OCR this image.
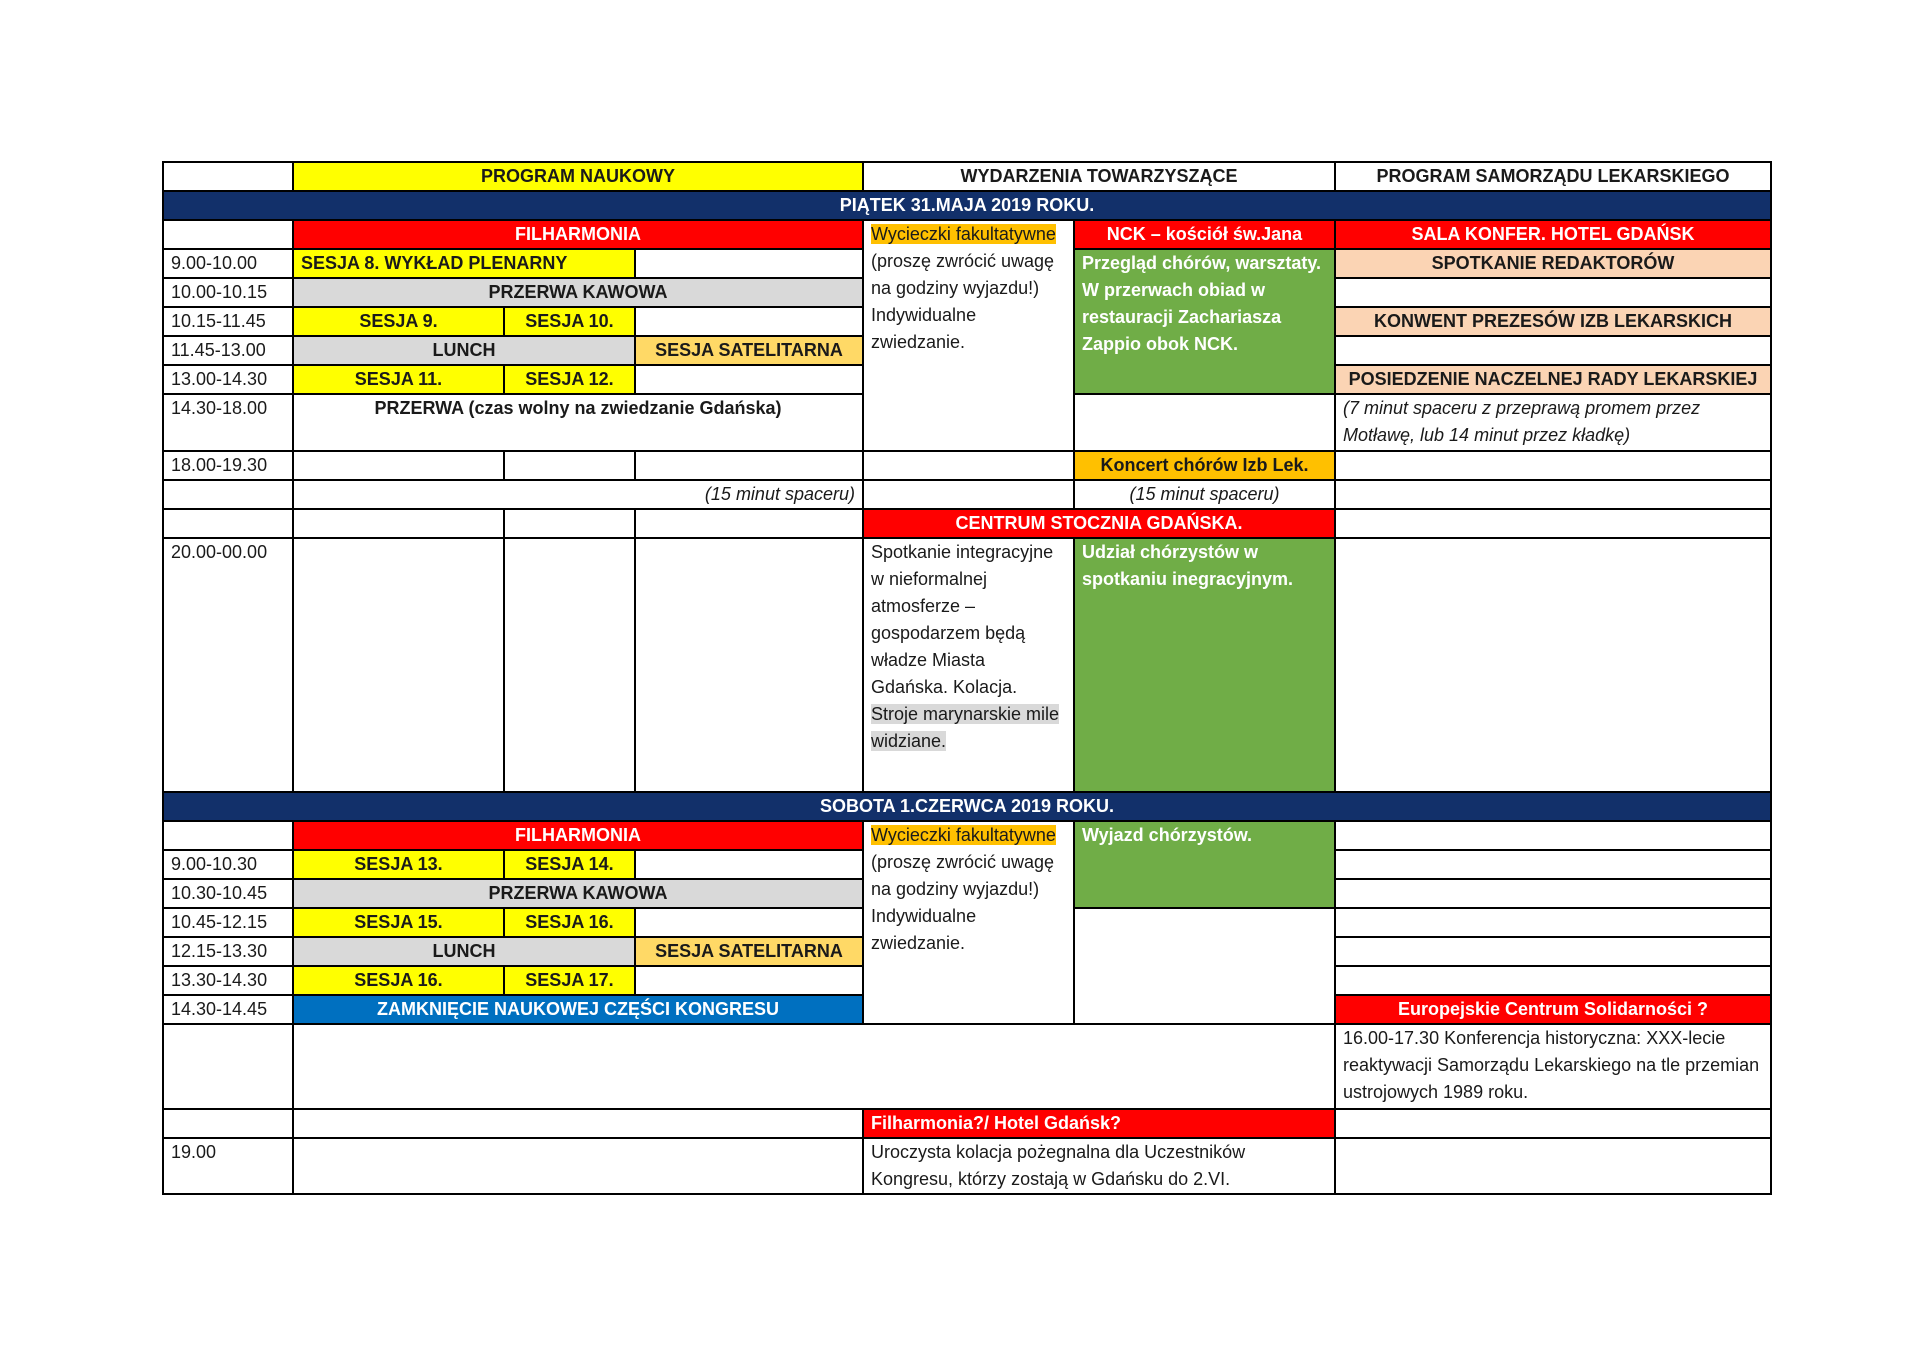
	PROGRAM NAUKOWY			WYDARZENIA TOWARZYSZĄCE		PROGRAM SAMORZĄDU LEKARSKIEGO
PIĄTEK 31.MAJA 2019 ROKU.						
	FILHARMONIA			Wycieczki fakultatywne (proszę zwrócić uwagę na godziny wyjazdu!) Indywidualne zwiedzanie.	NCK – kościół św.Jana	SALA KONFER. HOTEL GDAŃSK
9.00-10.00	SESJA 8. WYKŁAD PLENARNY				Przegląd chórów, warsztaty. W przerwach obiad w restauracji Zachariasza Zappio obok NCK.	SPOTKANIE REDAKTORÓW
10.00-10.15	PRZERWA KAWOWA					
10.15-11.45	SESJA 9.	SESJA 10.				KONWENT PREZESÓW IZB LEKARSKICH
11.45-13.00	LUNCH		SESJA SATELITARNA			
13.00-14.30	SESJA 11.	SESJA 12.				POSIEDZENIE NACZELNEJ RADY LEKARSKIEJ
14.30-18.00	PRZERWA (czas wolny na zwiedzanie Gdańska)					(7 minut spaceru z przeprawą promem przez Motławę, lub 14 minut przez kładkę)
18.00-19.30					Koncert chórów Izb Lek.	
	(15 minut spaceru)				(15 minut spaceru)	
				CENTRUM STOCZNIA GDAŃSKA.		
20.00-00.00				Spotkanie integracyjne w nieformalnej atmosferze – gospodarzem będą władze Miasta Gdańska. Kolacja. Stroje marynarskie mile widziane.	Udział chórzystów w spotkaniu inegracyjnym.	
SOBOTA 1.CZERWCA 2019 ROKU.						
	FILHARMONIA			Wycieczki fakultatywne (proszę zwrócić uwagę na godziny wyjazdu!) Indywidualne zwiedzanie.	Wyjazd chórzystów.	
9.00-10.30	SESJA 13.	SESJA 14.				
10.30-10.45	PRZERWA KAWOWA					
10.45-12.15	SESJA 15.	SESJA 16.				
12.15-13.30	LUNCH		SESJA SATELITARNA			
13.30-14.30	SESJA 16.	SESJA 17.				
14.30-14.45	ZAMKNIĘCIE NAUKOWEJ CZĘŚCI KONGRESU					Europejskie Centrum Solidarności ?
						16.00-17.30 Konferencja historyczna: XXX-lecie reaktywacji Samorządu Lekarskiego na tle przemian ustrojowych 1989 roku.
				Filharmonia?/ Hotel Gdańsk?		
19.00				Uroczysta kolacja pożegnalna dla Uczestników Kongresu, którzy zostają w Gdańsku do 2.VI.		
